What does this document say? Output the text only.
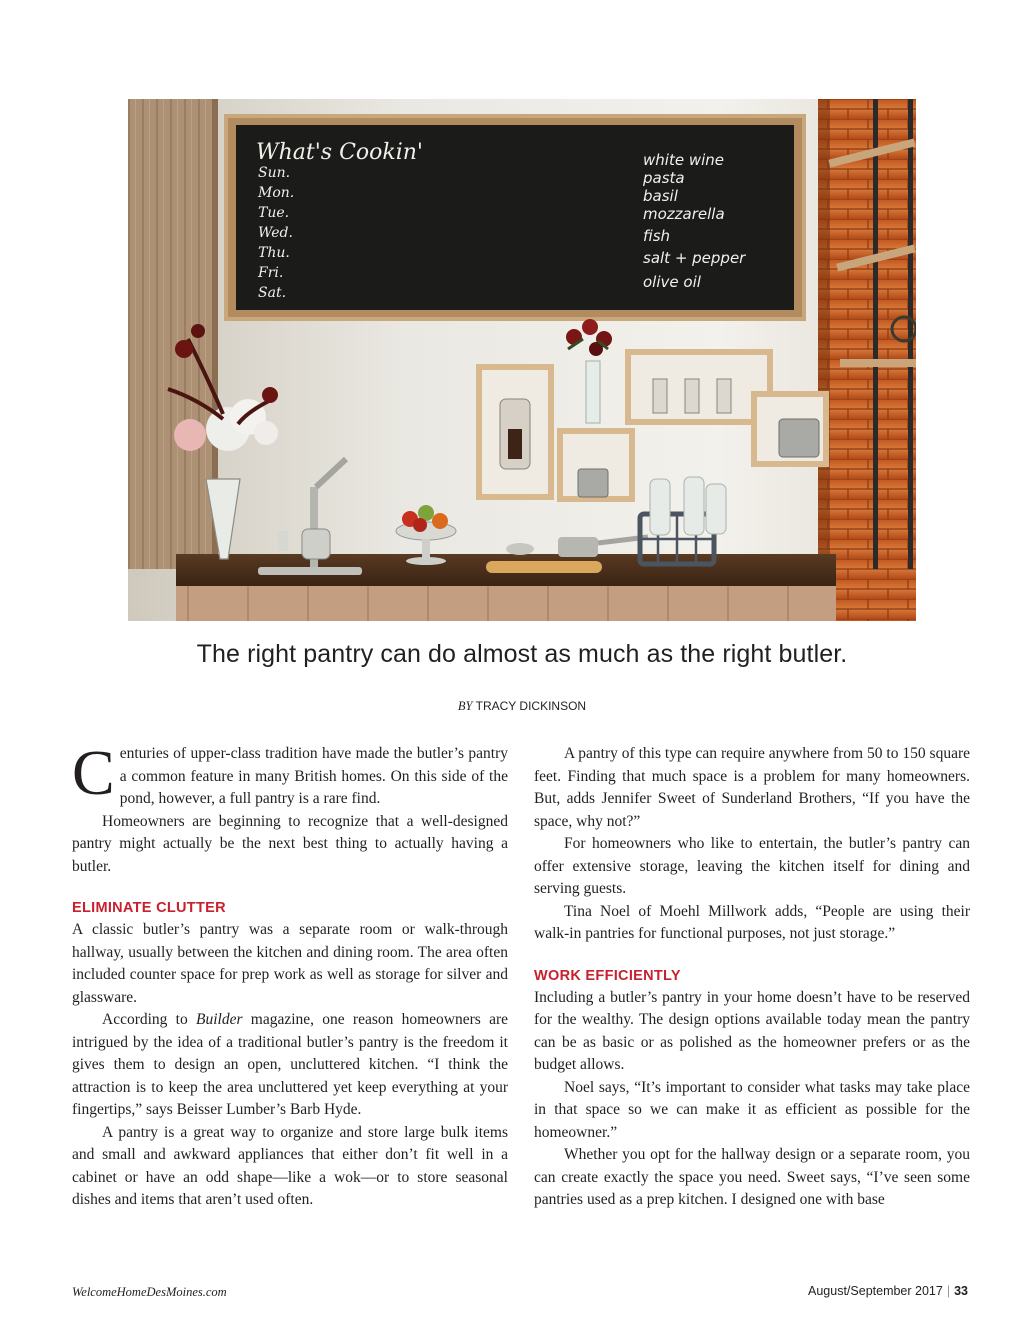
What's Cookin'
Sun.
Mon.
Tue.
Wed.
Thu.
Fri.
Sat.
white wine
pasta
basil
mozzarella
fish
salt + pepper
olive oil
The right pantry can do almost as much as the right butler.
BY TRACY DICKINSON

Centuries of upper-class tradition have made the butler’s pantry a common feature in many British homes. On this side of the pond, however, a full pantry is a rare find.

Homeowners are beginning to recognize that a well-designed pantry might actually be the next best thing to actually having a butler.

ELIMINATE CLUTTER

A classic butler’s pantry was a separate room or walk-through hallway, usually between the kitchen and dining room. The area often included counter space for prep work as well as storage for silver and glassware.

According to Builder magazine, one reason homeowners are intrigued by the idea of a traditional butler’s pantry is the freedom it gives them to design an open, uncluttered kitchen. “I think the attraction is to keep the area uncluttered yet keep everything at your fingertips,” says Beisser Lumber’s Barb Hyde.

A pantry is a great way to organize and store large bulk items and small and awkward appliances that either don’t fit well in a cabinet or have an odd shape—like a wok—or to store seasonal dishes and items that aren’t used often.

A pantry of this type can require anywhere from 50 to 150 square feet. Finding that much space is a problem for many homeowners. But, adds Jennifer Sweet of Sunderland Brothers, “If you have the space, why not?”

For homeowners who like to entertain, the butler’s pantry can offer extensive storage, leaving the kitchen itself for dining and serving guests.

Tina Noel of Moehl Millwork adds, “People are using their walk-in pantries for functional purposes, not just storage.”

WORK EFFICIENTLY

Including a butler’s pantry in your home doesn’t have to be reserved for the wealthy. The design options available today mean the pantry can be as basic or as polished as the homeowner prefers or as the budget allows.

Noel says, “It’s important to consider what tasks may take place in that space so we can make it as efficient as possible for the homeowner.”

Whether you opt for the hallway design or a separate room, you can create exactly the space you need. Sweet says, “I’ve seen some pantries used as a prep kitchen. I designed one with base

WelcomeHomeDesMoines.com	August/September 2017 | 33
